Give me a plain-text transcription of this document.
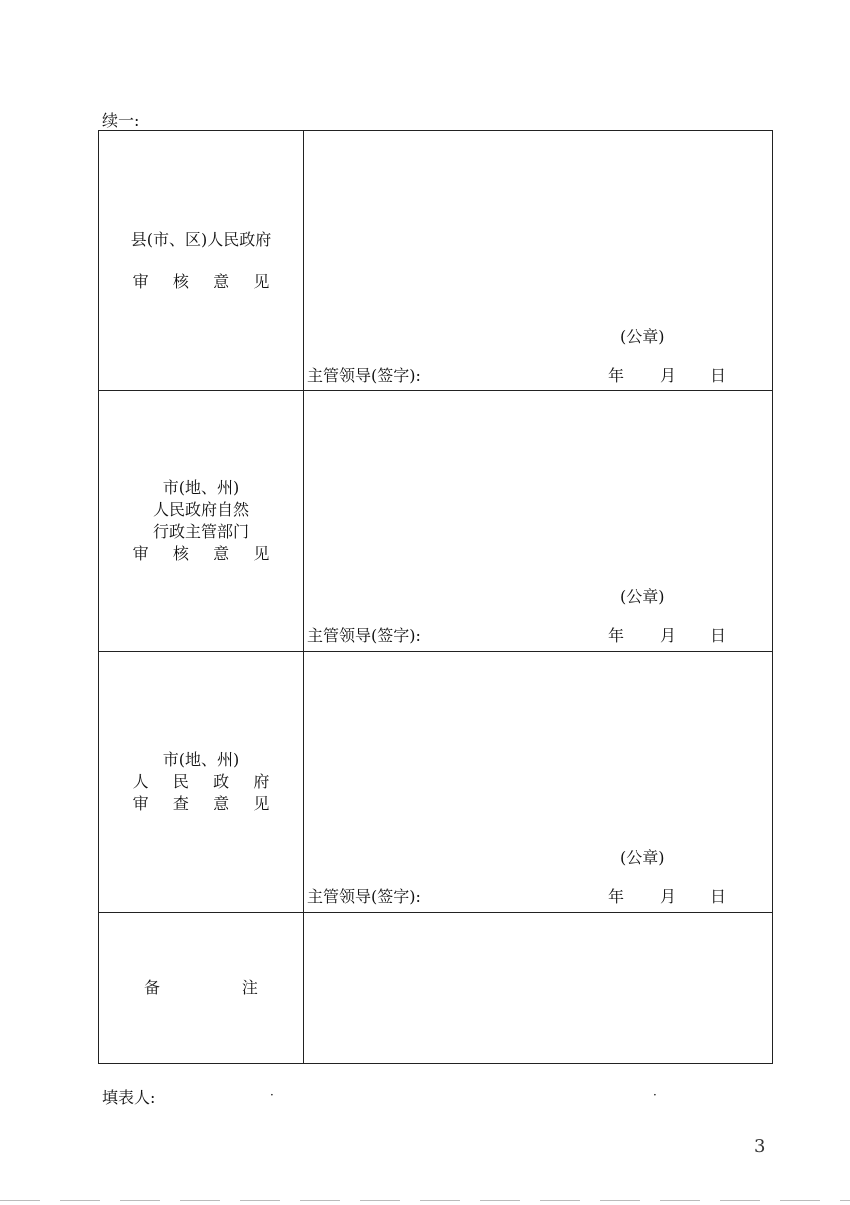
续一:
县(市、区)人民政府
审 核 意 见	(公章)
主管领导(签字): 年 月 日

市(地、州)
人民政府自然
行政主管部门
审 核 意 见	(公章)
主管领导(签字): 年 月 日

市(地、州)
人 民 政 府
审 查 意 见	(公章)
主管领导(签字): 年 月 日

备 注	

填表人:	·	·
3
